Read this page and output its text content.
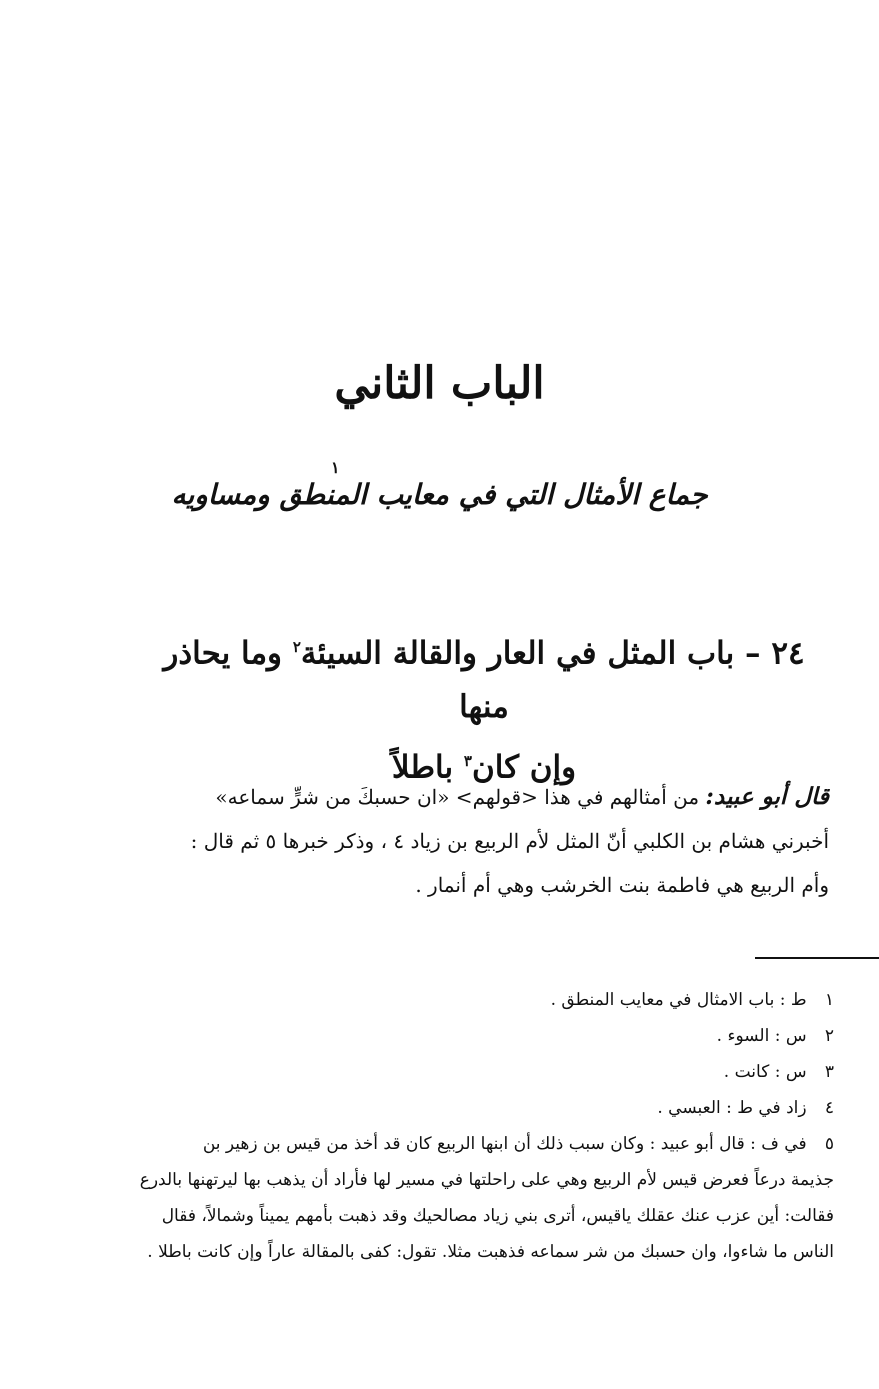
الباب الثاني
١
جماع الأمثال التي في معايب المنطق ومساويه
٢٤ – باب المثل في العار والقالة السيئة$^٢$ وما يحاذر منها
وإن كان$^٣$ باطلاً
قال أبو عبيد: من أمثالهم في هذا <قولهم> «ان حسبكَ من شرٍّ سماعه»
أخبرني هشام بن الكلبي أنّ المثل لأم الربيع بن زياد ٤ ، وذكر خبرها ٥ ثم قال :
وأم الربيع هي فاطمة بنت الخرشب وهي أم أنمار .
١ ط : باب الامثال في معايب المنطق .
٢ س : السوء .
٣ س : كانت .
٤ زاد في ط : العبسي .
٥ في ف : قال أبو عبيد : وكان سبب ذلك أن ابنها الربيع كان قد أخذ من قيس بن زهير بن
جذيمة درعاً فعرض قيس لأم الربيع وهي على راحلتها في مسير لها فأراد أن يذهب بها ليرتهنها بالدرع
فقالت: أين عزب عنك عقلك ياقيس، أترى بني زياد مصالحيك وقد ذهبت بأمهم يميناً وشمالاً، فقال
الناس ما شاءوا، وان حسبك من شر سماعه فذهبت مثلا. تقول: كفى بالمقالة عاراً وإن كانت باطلا .
